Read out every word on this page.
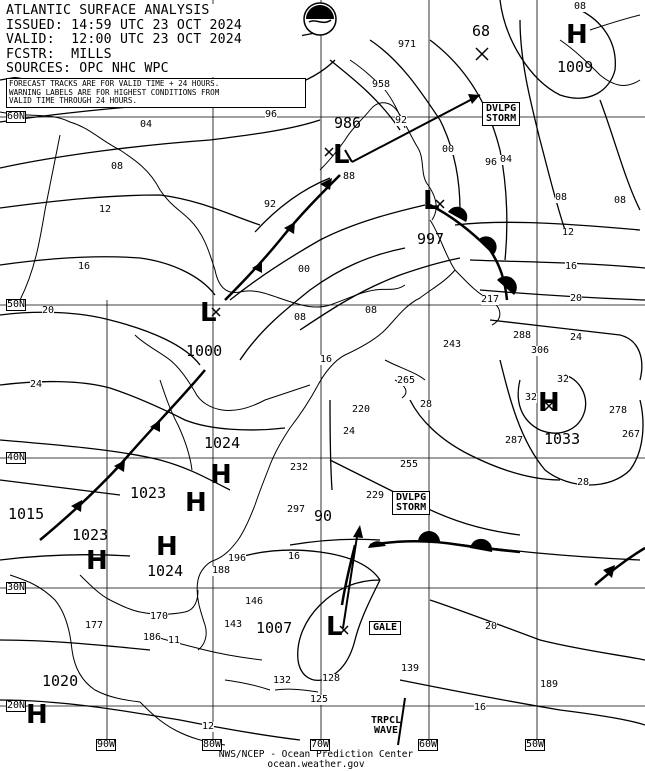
ATLANTIC SURFACE ANALYSIS
ISSUED: 14:59 UTC 23 OCT 2024
VALID:  12:00 UTC 23 OCT 2024
FCSTR:  MILLS
SOURCES: OPC NHC WPC
FORECAST TRACKS ARE FOR VALID TIME + 24 HOURS.
WARNING LABELS ARE FOR HIGHEST CONDITIONS FROM
VALID TIME THROUGH 24 HOURS.
60N
50N
40N
30N
20N
90W	80W	70W	60W	50W
H
1009
H
1033
H
1024
H
1023
H
1023 H
1024
1020
H
L
986
L
997
L
1000
L
1007
1015	90
68
DVLPG
STORM
DVLPG
STORM
GALE
TRPCL
WAVE
04
08
12
16
20
24
04
08
12
16
20
24
96
92
00
00
96
08
16
16
20
08
16
28
28
32
24
08
971
958
92
88
08
217
288
306
32
278
287
267
255
229
220
265
243
232
297
188
196
139
189
128
125
12
170
186
177
11
146
132
143
NWS/NCEP - Ocean Prediction Center
ocean.weather.gov
